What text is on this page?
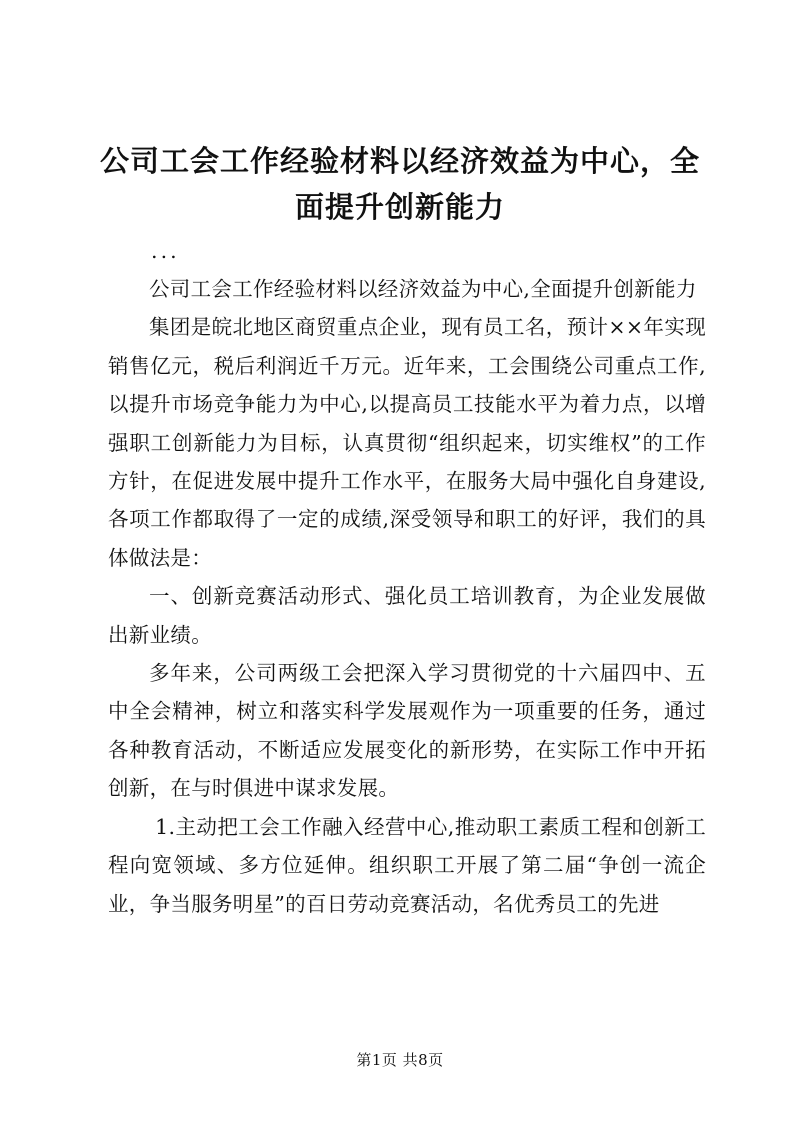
公司工会工作经验材料以经济效益为中心，全面提升创新能力

...

公司工会工作经验材料以经济效益为中心,全面提升创新能力

集团是皖北地区商贸重点企业，现有员工名，预计××年实现销售亿元，税后利润近千万元。近年来，工会围绕公司重点工作,以提升市场竞争能力为中心,以提高员工技能水平为着力点，以增强职工创新能力为目标，认真贯彻“组织起来，切实维权”的工作方针，在促进发展中提升工作水平，在服务大局中强化自身建设,各项工作都取得了一定的成绩,深受领导和职工的好评，我们的具体做法是：

一、创新竞赛活动形式、强化员工培训教育，为企业发展做出新业绩。

多年来，公司两级工会把深入学习贯彻党的十六届四中、五中全会精神，树立和落实科学发展观作为一项重要的任务，通过各种教育活动，不断适应发展变化的新形势，在实际工作中开拓创新，在与时俱进中谋求发展。

1.主动把工会工作融入经营中心,推动职工素质工程和创新工程向宽领域、多方位延伸。组织职工开展了第二届“争创一流企业，争当服务明星”的百日劳动竞赛活动，名优秀员工的先进

第1页 共8页
